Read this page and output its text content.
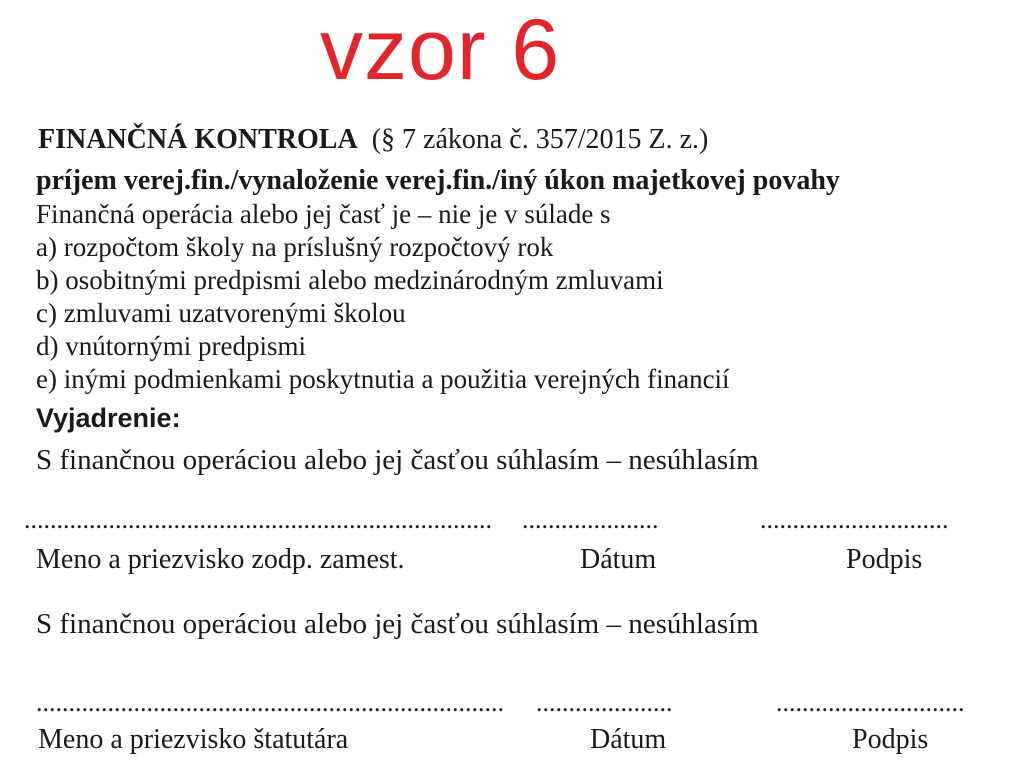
vzor 6
FINANČNÁ KONTROLA (§ 7 zákona č. 357/2015 Z. z.)
príjem verej.fin./vynaloženie verej.fin./iný úkon majetkovej povahy
Finančná operácia alebo jej časť je – nie je v súlade s
a) rozpočtom školy na príslušný rozpočtový rok
b) osobitnými predpismi alebo medzinárodným zmluvami
c) zmluvami uzatvorenými školou
d) vnútornými predpismi
e) inými podmienkami poskytnutia a použitia verejných financií
Vyjadrenie:
S finančnou operáciou alebo jej časťou súhlasím – nesúhlasím
........................................................................ .....................	.............................
Meno a priezvisko zodp. zamest.	Dátum	Podpis
S finančnou operáciou alebo jej časťou súhlasím – nesúhlasím
........................................................................ .....................	.............................
Meno a priezvisko štatutára	Dátum	Podpis
